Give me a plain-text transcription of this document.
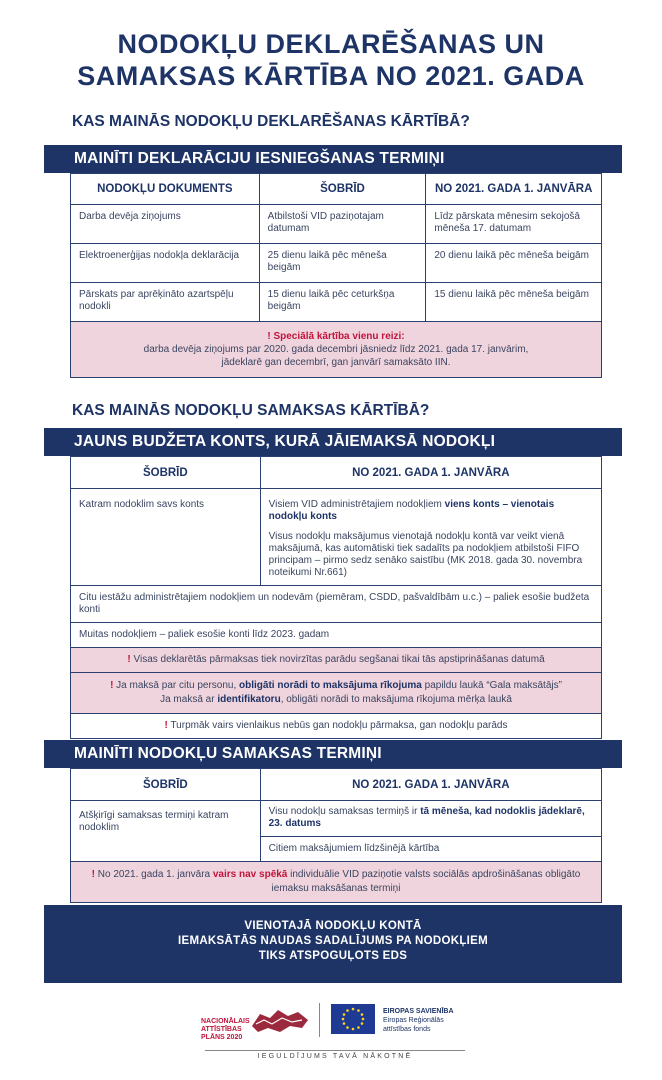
NODOKĻU DEKLARĒŠANAS UN
SAMAKSAS KĀRTĪBA NO 2021. GADA
KAS MAINĀS NODOKĻU DEKLARĒŠANAS KĀRTĪBĀ?
MAINĪTI DEKLARĀCIJU IESNIEGŠANAS TERMIŅI
NODOKĻU DOKUMENTS	ŠOBRĪD	NO 2021. GADA 1. JANVĀRA
Darba devēja ziņojums	Atbilstoši VID paziņotajam datumam	Līdz pārskata mēnesim sekojošā mēneša 17. datumam
Elektroenerģijas nodokļa deklarācija	25 dienu laikā pēc mēneša beigām	20 dienu laikā pēc mēneša beigām
Pārskats par aprēķināto azartspēļu nodokli	15 dienu laikā pēc ceturkšņa beigām	15 dienu laikā pēc mēneša beigām
! Speciālā kārtība vienu reizi:
darba devēja ziņojums par 2020. gada decembri jāsniedz līdz 2021. gada 17. janvārim,
jādeklarē gan decembrī, gan janvārī samaksāto IIN.		
KAS MAINĀS NODOKĻU SAMAKSAS KĀRTĪBĀ?
JAUNS BUDŽETA KONTS, KURĀ JĀIEMAKSĀ NODOKĻI
ŠOBRĪD	NO 2021. GADA 1. JANVĀRA
Katram nodoklim savs konts	Visiem VID administrētajiem nodokļiem viens konts – vienotais nodokļu konts
Visus nodokļu maksājumus vienotajā nodokļu kontā var veikt vienā maksājumā, kas automātiski tiek sadalīts pa nodokļiem atbilstoši FIFO principam – pirmo sedz senāko saistību (MK 2018. gada 30. novembra noteikumi Nr.661)

Citu iestāžu administrētajiem nodokļiem un nodevām (piemēram, CSDD, pašvaldībām u.c.) – paliek esošie budžeta konti	
Muitas nodokļiem – paliek esošie konti līdz 2023. gadam	
! Visas deklarētās pārmaksas tiek novirzītas parādu segšanai tikai tās apstiprināšanas datumā	
! Ja maksā par citu personu, obligāti norādi to maksājuma rīkojuma papildu laukā “Gala maksātājs”
Ja maksā ar identifikatoru, obligāti norādi to maksājuma rīkojuma mērķa laukā	
! Turpmāk vairs vienlaikus nebūs gan nodokļu pārmaksa, gan nodokļu parāds	
MAINĪTI NODOKĻU SAMAKSAS TERMIŅI
ŠOBRĪD	NO 2021. GADA 1. JANVĀRA
Atšķirīgi samaksas termiņi katram nodoklim	Visu nodokļu samaksas termiņš ir tā mēneša, kad nodoklis jādeklarē, 23. datums
	Citiem maksājumiem līdzšinējā kārtība
! No 2021. gada 1. janvāra vairs nav spēkā individuālie VID paziņotie valsts sociālās apdrošināšanas obligāto iemaksu maksāšanas termiņi	
VIENOTAJĀ NODOKĻU KONTĀ
IEMAKSĀTĀS NAUDAS SADALĪJUMS PA NODOKĻIEM
TIKS ATSPOGUĻOTS EDS
NACIONĀLAIS
ATTĪSTĪBAS
PLĀNS 2020
EIROPAS SAVIENĪBA
Eiropas Reģionālās
attīstības fonds
IEGULDĪJUMS TAVĀ NĀKOTNĒ
